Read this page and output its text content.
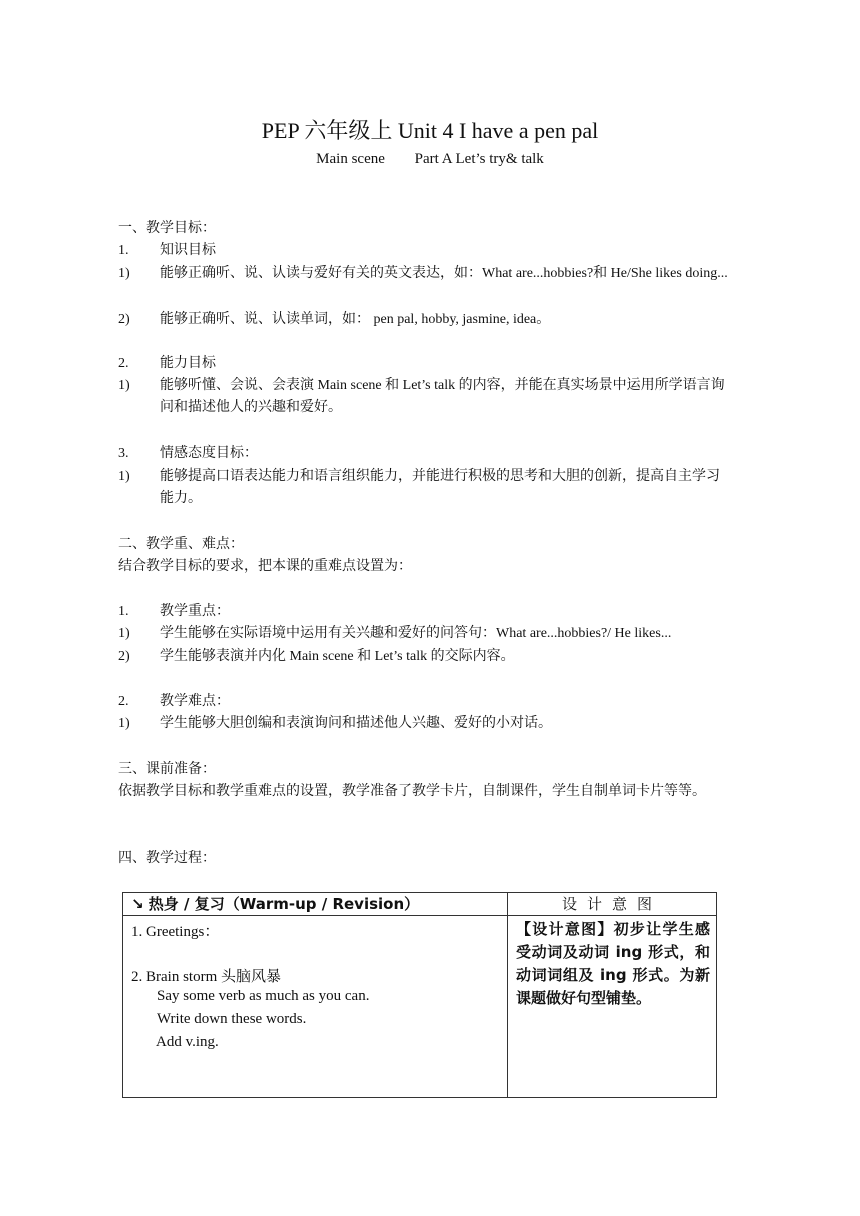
PEP 六年级上 Unit 4 I have a pen pal
Main scene Part A Let’s try& talk
一、教学目标：
1. 知识目标
1) 能够正确听、说、认读与爱好有关的英文表达，如：What are...hobbies?和 He/She likes doing...
2) 能够正确听、说、认读单词，如： pen pal, hobby, jasmine, idea。
2. 能力目标
1) 能够听懂、会说、会表演 Main scene 和 Let’s talk 的内容，并能在真实场景中运用所学语言询问和描述他人的兴趣和爱好。
3. 情感态度目标：
1) 能够提高口语表达能力和语言组织能力，并能进行积极的思考和大胆的创新，提高自主学习能力。
二、教学重、难点：
结合教学目标的要求，把本课的重难点设置为：
1. 教学重点：
1) 学生能够在实际语境中运用有关兴趣和爱好的问答句：What are...hobbies?/ He likes...
2) 学生能够表演并内化 Main scene 和 Let’s talk 的交际内容。
2. 教学难点：
1) 学生能够大胆创编和表演询问和描述他人兴趣、爱好的小对话。
三、课前准备：
依据教学目标和教学重难点的设置，教学准备了教学卡片，自制课件，学生自制单词卡片等等。
四、教学过程：
↘ 热身 / 复习（Warm-up / Revision）	设计意图

1. Greetings：
2. Brain storm 头脑风暴
Say some verb as much as you can.
Write down these words.
Add v.ing.	【设计意图】初步让学生感受动词及动词 ing 形式，和动词词组及 ing 形式。为新课题做好句型铺垫。
